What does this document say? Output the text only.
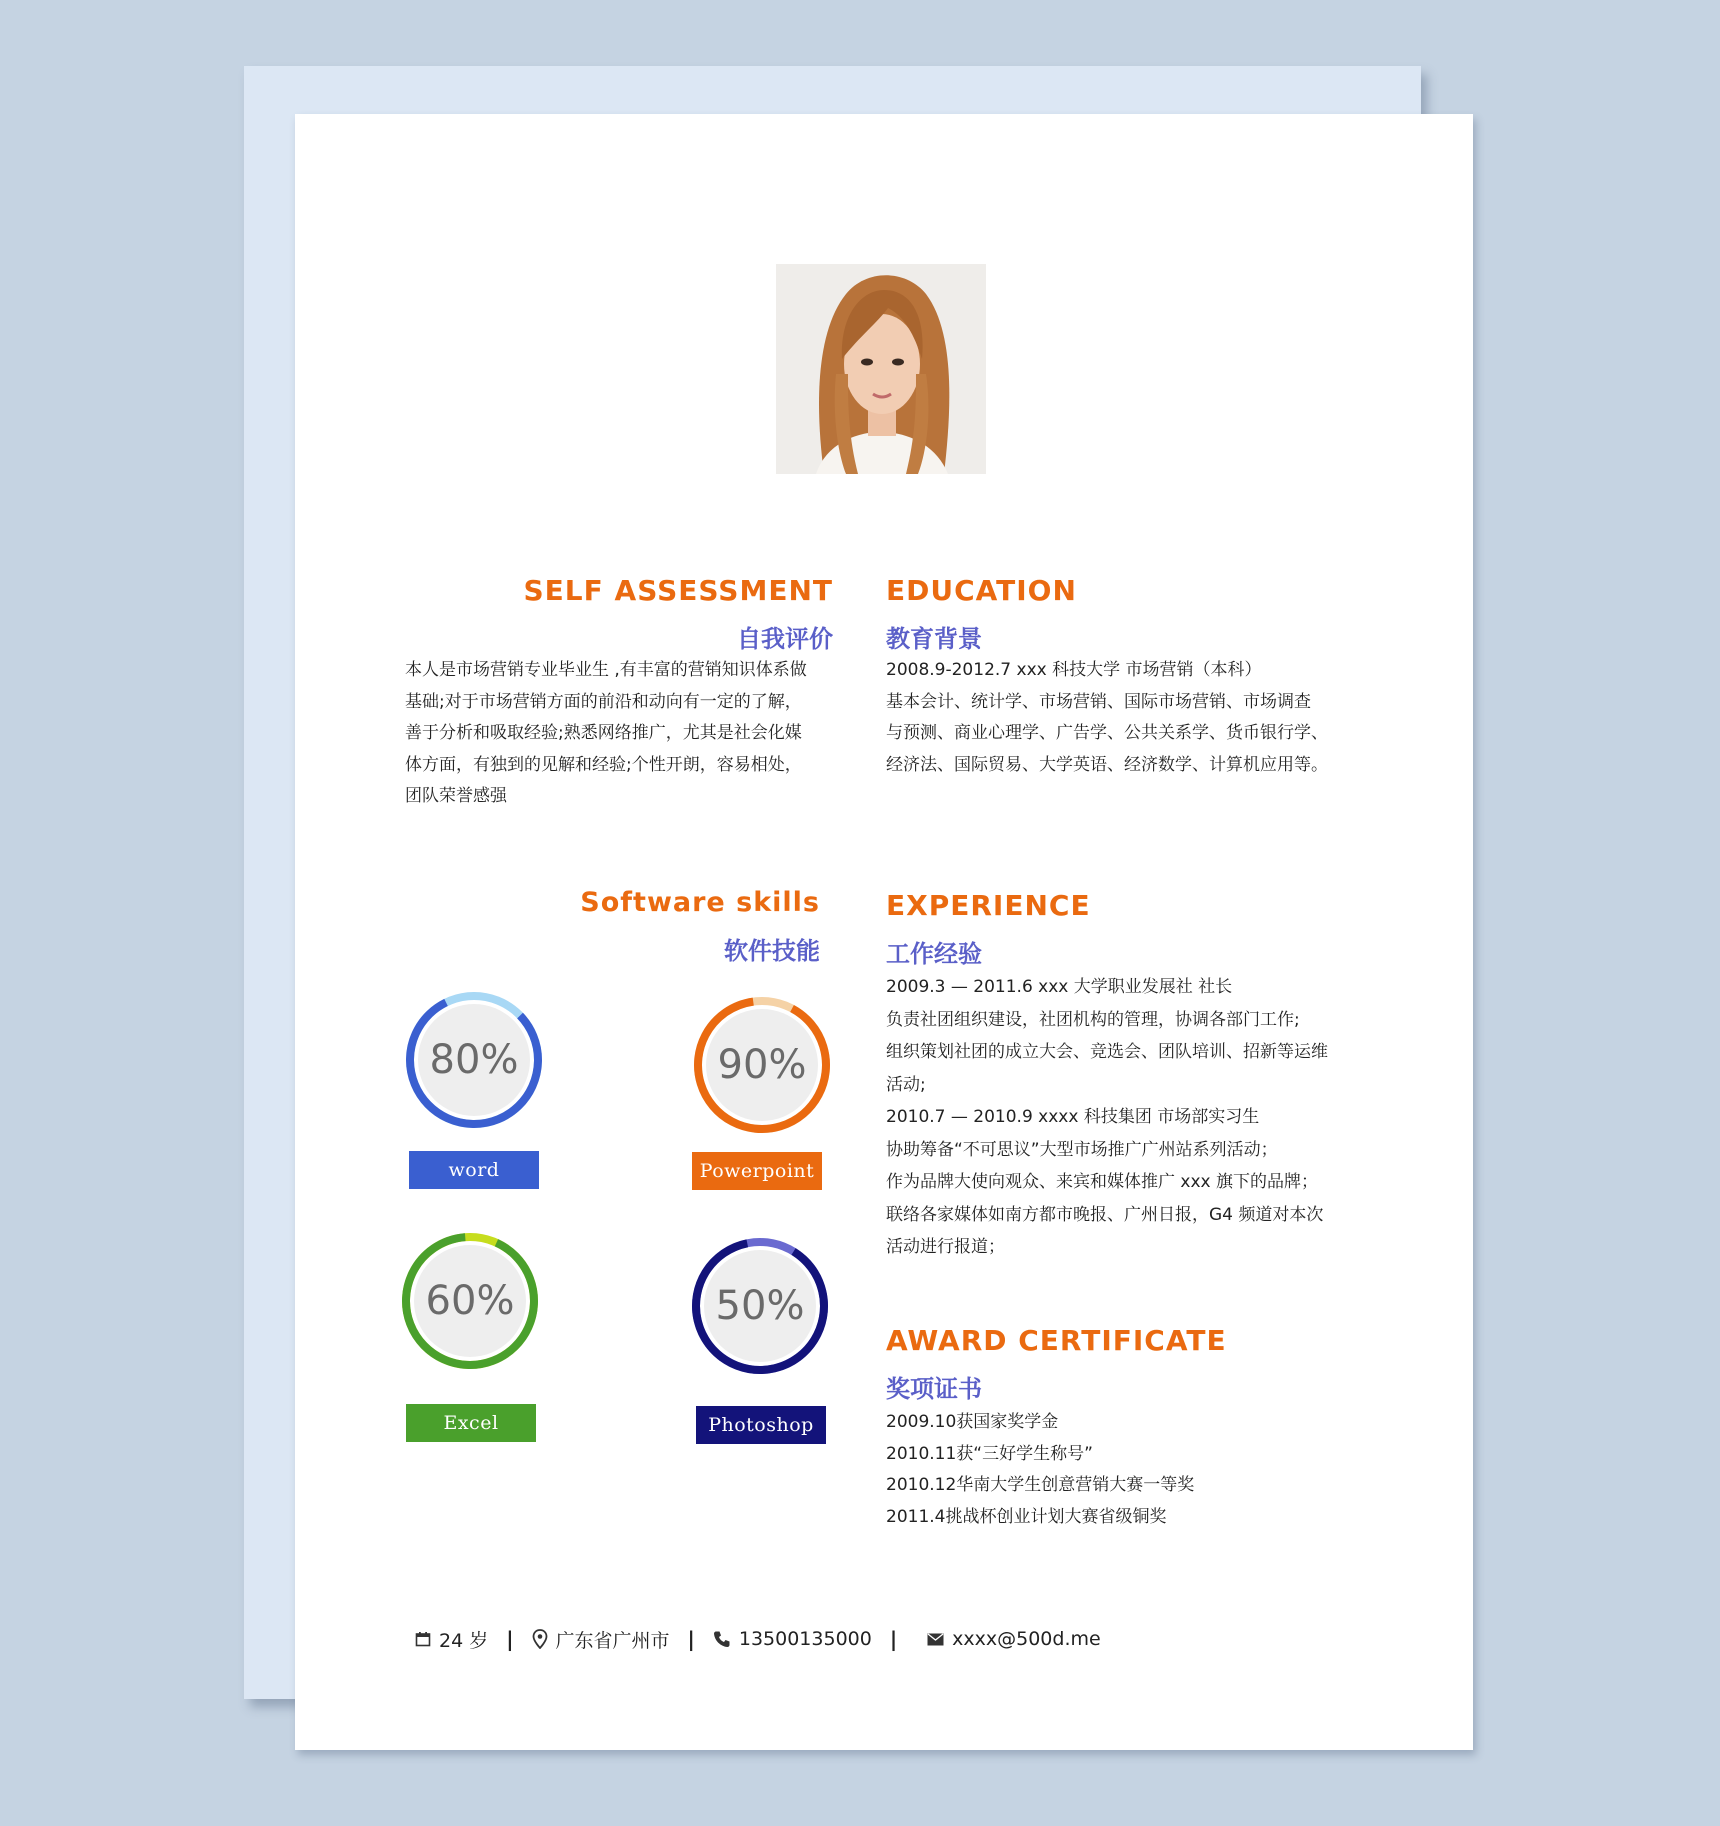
SELF ASSESSMENT
自我评价
本人是市场营销专业毕业生 ,有丰富的营销知识体系做
基础;对于市场营销方面的前沿和动向有一定的了解，
善于分析和吸取经验;熟悉网络推广，尤其是社会化媒
体方面，有独到的见解和经验;个性开朗，容易相处，
团队荣誉感强
EDUCATION
教育背景
2008.9-2012.7 xxx 科技大学 市场营销（本科）
基本会计、统计学、市场营销、国际市场营销、市场调查
与预测、商业心理学、广告学、公共关系学、货币银行学、
经济法、国际贸易、大学英语、经济数学、计算机应用等。
Software skills
软件技能
80%
word
90%
Powerpoint
60%
Excel
50%
Photoshop
EXPERIENCE
工作经验
2009.3 — 2011.6 xxx 大学职业发展社 社长
负责社团组织建设，社团机构的管理，协调各部门工作;
组织策划社团的成立大会、竞选会、团队培训、招新等运维
活动;
2010.7 — 2010.9 xxxx 科技集团 市场部实习生
协助筹备“不可思议”大型市场推广广州站系列活动；
作为品牌大使向观众、来宾和媒体推广 xxx 旗下的品牌；
联络各家媒体如南方都市晚报、广州日报，G4 频道对本次
活动进行报道；
AWARD CERTIFICATE
奖项证书
2009.10获国家奖学金
2010.11获“三好学生称号”
2010.12华南大学生创意营销大赛一等奖
2011.4挑战杯创业计划大赛省级铜奖
24 岁 | 广东省广州市 | 13500135000 |	xxxx@500d.me
